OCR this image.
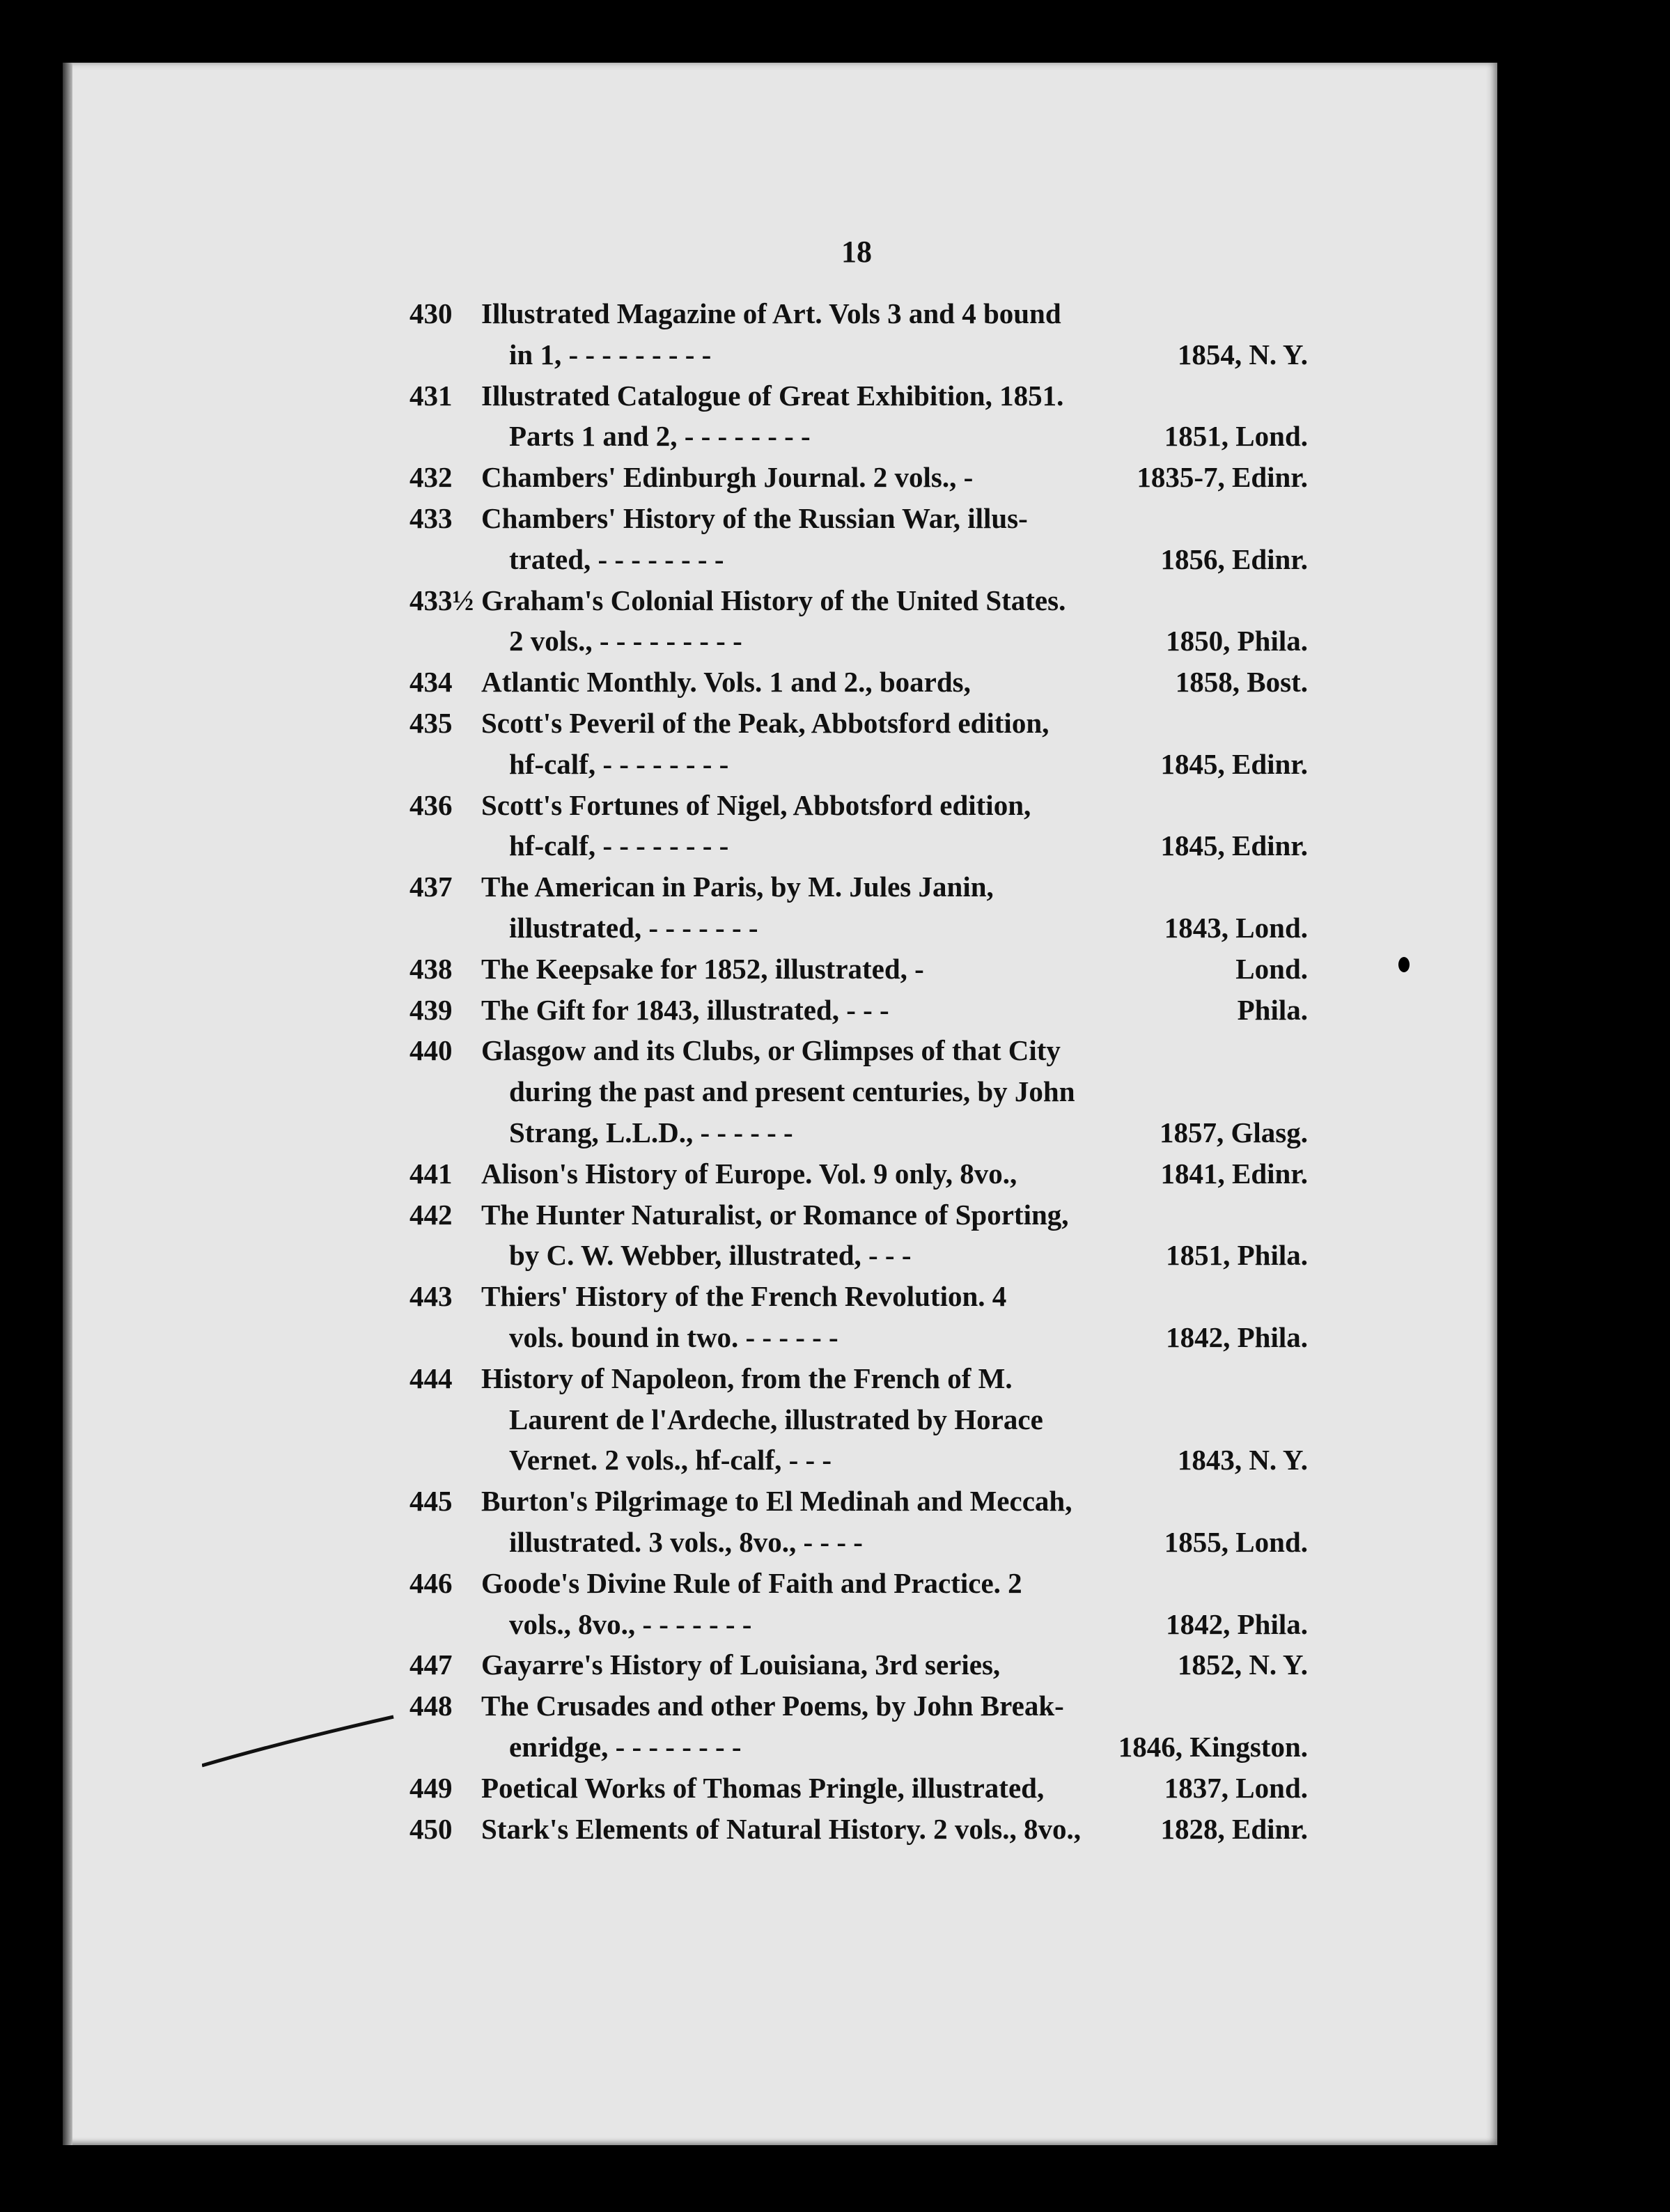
18
430	Illustrated Magazine of Art. Vols 3 and 4 bound
in 1, - - - - - - - - -	1854, N. Y.
431	Illustrated Catalogue of Great Exhibition, 1851.
Parts 1 and 2, - - - - - - - -	1851, Lond.
432	Chambers' Edinburgh Journal. 2 vols., -	1835-7, Edinr.
433	Chambers' History of the Russian War, illus-
trated, - - - - - - - -	1856, Edinr.
433½ Graham's Colonial History of the United States.
2 vols., - - - - - - - - -	1850, Phila.
434	Atlantic Monthly. Vols. 1 and 2., boards,	1858, Bost.
435	Scott's Peveril of the Peak, Abbotsford edition,
hf-calf, - - - - - - - -	1845, Edinr.
436	Scott's Fortunes of Nigel, Abbotsford edition,
hf-calf, - - - - - - - -	1845, Edinr.
437	The American in Paris, by M. Jules Janin,
illustrated, - - - - - - -	1843, Lond.
438	The Keepsake for 1852, illustrated, -	Lond.
439	The Gift for 1843, illustrated, - - -	Phila.
440	Glasgow and its Clubs, or Glimpses of that City
during the past and present centuries, by John
Strang, L.L.D., - - - - - -	1857, Glasg.
441	Alison's History of Europe. Vol. 9 only, 8vo.,	1841, Edinr.
442	The Hunter Naturalist, or Romance of Sporting,
by C. W. Webber, illustrated, - - -	1851, Phila.
443	Thiers' History of the French Revolution. 4
vols. bound in two. - - - - - -	1842, Phila.
444	History of Napoleon, from the French of M.
Laurent de l'Ardeche, illustrated by Horace
Vernet. 2 vols., hf-calf, - - -	1843, N. Y.
445	Burton's Pilgrimage to El Medinah and Meccah,
illustrated. 3 vols., 8vo., - - - -	1855, Lond.
446	Goode's Divine Rule of Faith and Practice. 2
vols., 8vo., - - - - - - -	1842, Phila.
447	Gayarre's History of Louisiana, 3rd series,	1852, N. Y.
448	The Crusades and other Poems, by John Break-
enridge, - - - - - - - -	1846, Kingston.
449	Poetical Works of Thomas Pringle, illustrated,	1837, Lond.
450	Stark's Elements of Natural History. 2 vols., 8vo.,	1828, Edinr.
